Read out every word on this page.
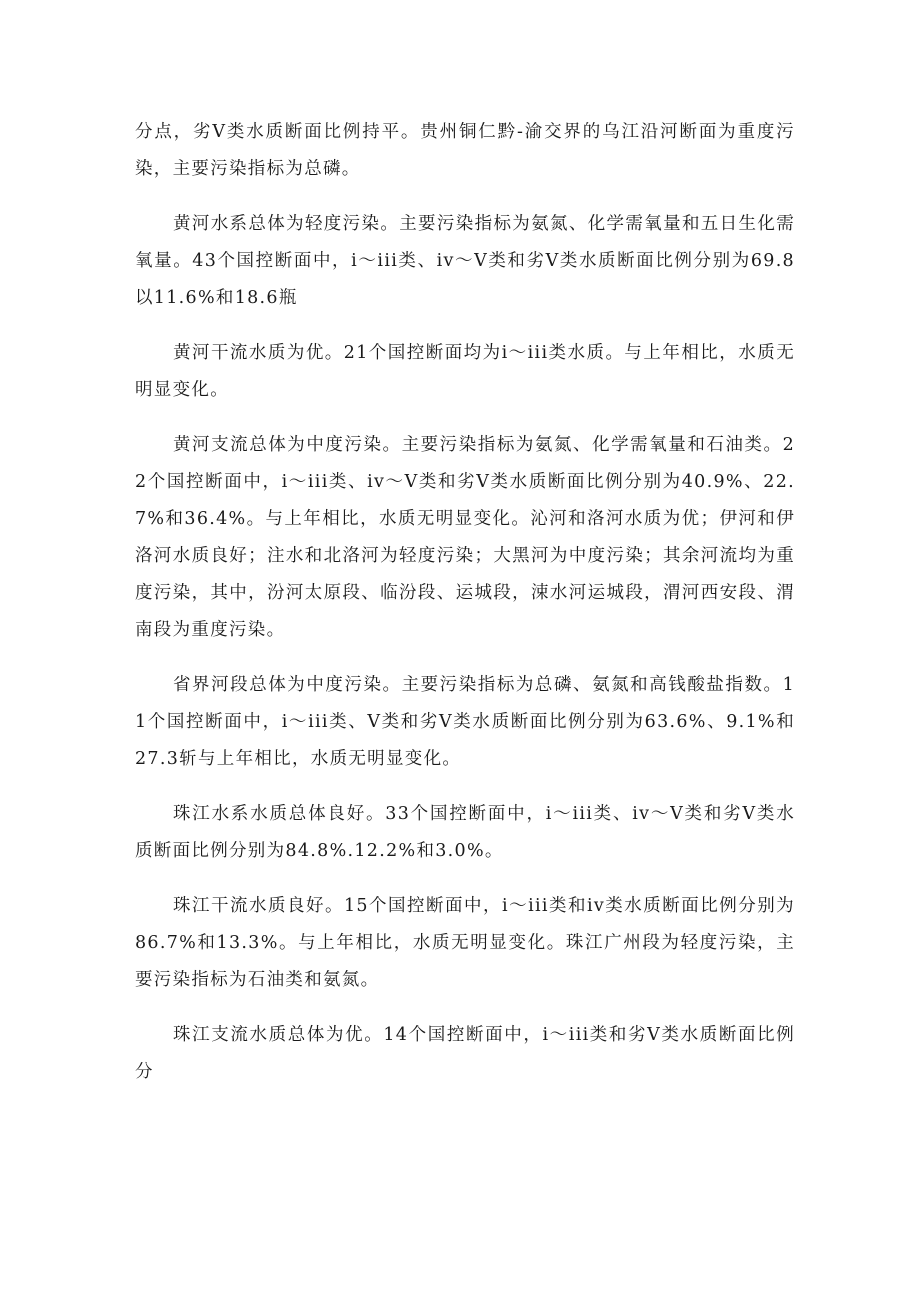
分点，劣Ⅴ类水质断面比例持平。贵州铜仁黔-渝交界的乌江沿河断面为重度污染，主要污染指标为总磷。

黄河水系总体为轻度污染。主要污染指标为氨氮、化学需氧量和五日生化需氧量。43个国控断面中，i～iii类、iv～Ⅴ类和劣Ⅴ类水质断面比例分别为69.8以11.6%和18.6瓶

黄河干流水质为优。21个国控断面均为i～iii类水质。与上年相比，水质无明显变化。

黄河支流总体为中度污染。主要污染指标为氨氮、化学需氧量和石油类。22个国控断面中，i～iii类、iv～Ⅴ类和劣Ⅴ类水质断面比例分别为40.9%、22.7%和36.4%。与上年相比，水质无明显变化。沁河和洛河水质为优；伊河和伊洛河水质良好；注水和北洛河为轻度污染；大黑河为中度污染；其余河流均为重度污染，其中，汾河太原段、临汾段、运城段，涑水河运城段，渭河西安段、渭南段为重度污染。

省界河段总体为中度污染。主要污染指标为总磷、氨氮和高钱酸盐指数。11个国控断面中，i～iii类、Ⅴ类和劣Ⅴ类水质断面比例分别为63.6%、9.1%和27.3斩与上年相比，水质无明显变化。

珠江水系水质总体良好。33个国控断面中，i～iii类、iv～Ⅴ类和劣Ⅴ类水质断面比例分别为84.8%.12.2%和3.0%。

珠江干流水质良好。15个国控断面中，i～iii类和iv类水质断面比例分别为86.7%和13.3%。与上年相比，水质无明显变化。珠江广州段为轻度污染，主要污染指标为石油类和氨氮。

珠江支流水质总体为优。14个国控断面中，i～iii类和劣Ⅴ类水质断面比例分
